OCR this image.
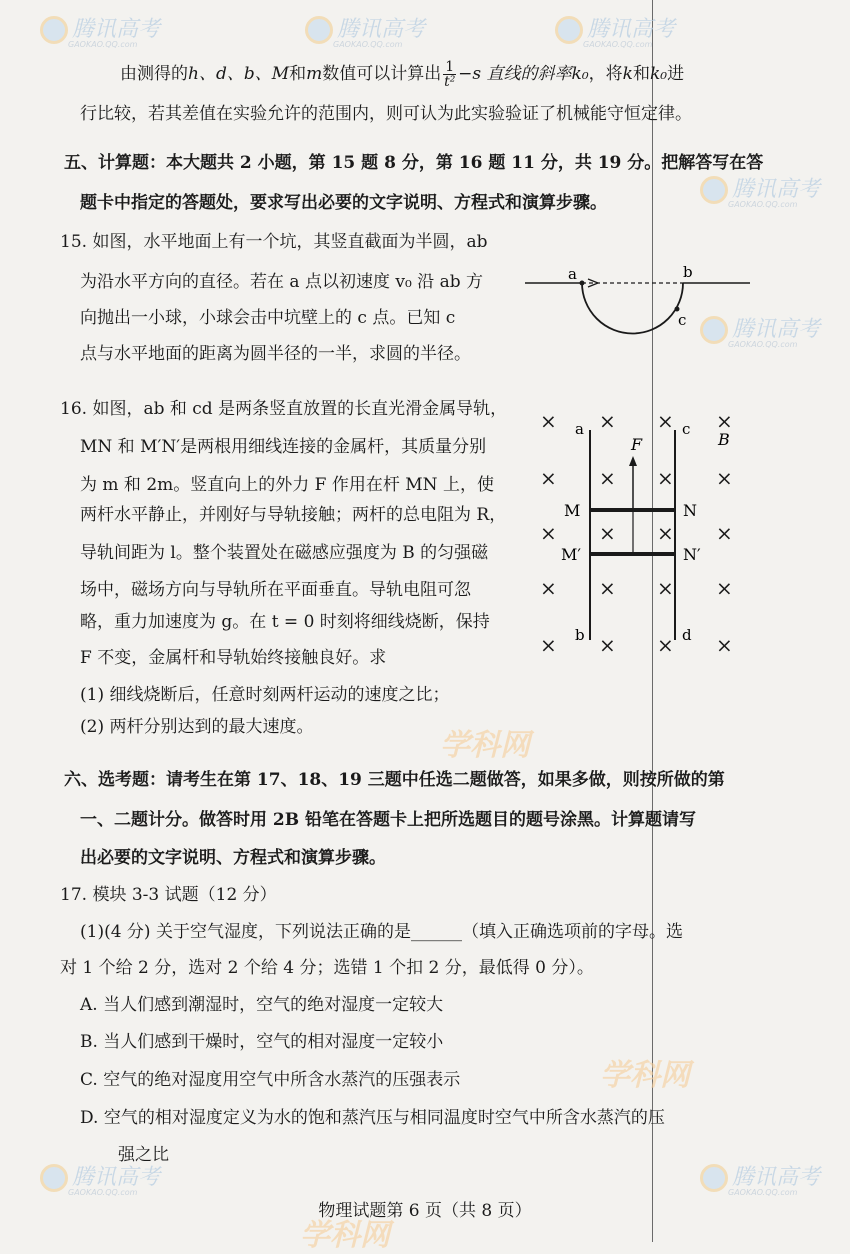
腾讯高考
GAOKAO.QQ.com
腾讯高考
GAOKAO.QQ.com
腾讯高考
GAOKAO.QQ.com
腾讯高考
GAOKAO.QQ.com
腾讯高考
GAOKAO.QQ.com
腾讯高考
GAOKAO.QQ.com
腾讯高考
GAOKAO.QQ.com
学科网
学科网
学科网
由测得的h、d、b、M和m数值可以计算出 $\frac{1}{\text{t²}} -s$ 直线的斜率k₀，将k和k₀进
行比较，若其差值在实验允许的范围内，则可认为此实验验证了机械能守恒定律。
五、计算题：本大题共 2 小题，第 15 题 8 分，第 16 题 11 分，共 19 分。把解答写在答
题卡中指定的答题处，要求写出必要的文字说明、方程式和演算步骤。
15. 如图，水平地面上有一个坑，其竖直截面为半圆，ab
为沿水平方向的直径。若在 a 点以初速度 v₀ 沿 ab 方
向抛出一小球，小球会击中坑壁上的 c 点。已知 c
点与水平地面的距离为圆半径的一半，求圆的半径。
a	b
c
16. 如图，ab 和 cd 是两条竖直放置的长直光滑金属导轨，
MN 和 M′N′是两根用细线连接的金属杆，其质量分别
为 m 和 2m。竖直向上的外力 F 作用在杆 MN 上，使
两杆水平静止，并刚好与导轨接触；两杆的总电阻为 R，
导轨间距为 l。整个装置处在磁感应强度为 B 的匀强磁
场中，磁场方向与导轨所在平面垂直。导轨电阻可忽
略，重力加速度为 g。在 t = 0 时刻将细线烧断，保持
F 不变，金属杆和导轨始终接触良好。求
(1) 细线烧断后，任意时刻两杆运动的速度之比；
(2) 两杆分别达到的最大速度。
× × × ×
× × × ×
× × × ×
× × × ×
× × × ×
a
b
c
d
M	N
M′	N′
F	B
六、选考题：请考生在第 17、18、19 三题中任选二题做答，如果多做，则按所做的第
一、二题计分。做答时用 2B 铅笔在答题卡上把所选题目的题号涂黑。计算题请写
出必要的文字说明、方程式和演算步骤。
17. 模块 3-3 试题（12 分）
(1)(4 分) 关于空气湿度，下列说法正确的是______（填入正确选项前的字母。选
对 1 个给 2 分，选对 2 个给 4 分；选错 1 个扣 2 分，最低得 0 分）。
A. 当人们感到潮湿时，空气的绝对湿度一定较大
B. 当人们感到干燥时，空气的相对湿度一定较小
C. 空气的绝对湿度用空气中所含水蒸汽的压强表示
D. 空气的相对湿度定义为水的饱和蒸汽压与相同温度时空气中所含水蒸汽的压
强之比
物理试题第 6 页（共 8 页）
